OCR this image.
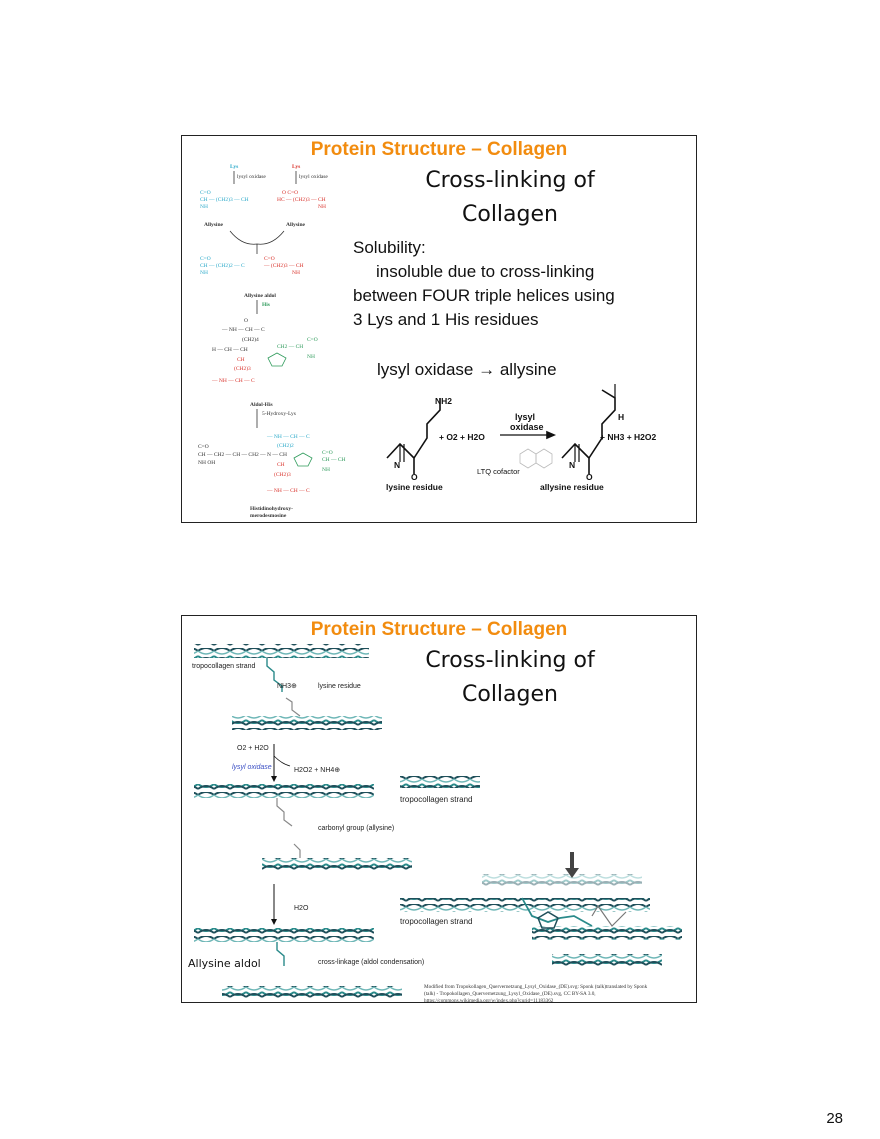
Protein Structure – Collagen
Lys	Lys
lysyl oxidase	lysyl oxidase
C=O
CH — (CH2)3 — CH
NH
O C=O
HC — (CH2)3 — CH
NH
Allysine	Allysine
C=O
CH — (CH2)2 — C
NH
C=O
— (CH2)3 — CH
NH
Allysine aldol
His
O
— NH — CH — C
(CH2)4
H — CH — CH
CH
(CH2)3
— NH — CH — C
CH2 — CH
C=O
NH
Aldol-His
5-Hydroxy-Lys
— NH — CH — C
(CH2)2
C=O
CH — CH2 — CH — CH2 — N — CH
NH OH	CH
(CH2)3
— NH — CH — C
C=O
CH — CH
NH
Histidinohydroxy-
merodesmosine
NH2
+ O2 + H2O
lysyl
oxidase
H
+ NH3 + H2O2
N	N
O	O
lysine residue	allysine residue
LTQ cofactor
Cross-linking of
Collagen
Solubility:
insoluble due to cross-linking
between FOUR triple helices using
3 Lys and 1 His residues
lysyl oxidase → allysine
Protein Structure – Collagen
tropocollagen strand
NH3⊕	lysine residue
O2 + H2O
lysyl oxidase	H2O2 + NH4⊕
carbonyl group (allysine)
H2O
cross-linkage (aldol condensation)
tropocollagen strand
tropocollagen strand
Modified from Tropokollagen_Quervernetzung_Lysyl_Oxidase_(DE).svg: Sponk (talk)translated by Sponk
(talk) - Tropokollagen_Quervernetzung_Lysyl_Oxidase_(DE).svg, CC BY-SA 3.0,
https://commons.wikimedia.org/w/index.php?curid=11183362
Cross-linking of
Collagen
Allysine aldol
28
